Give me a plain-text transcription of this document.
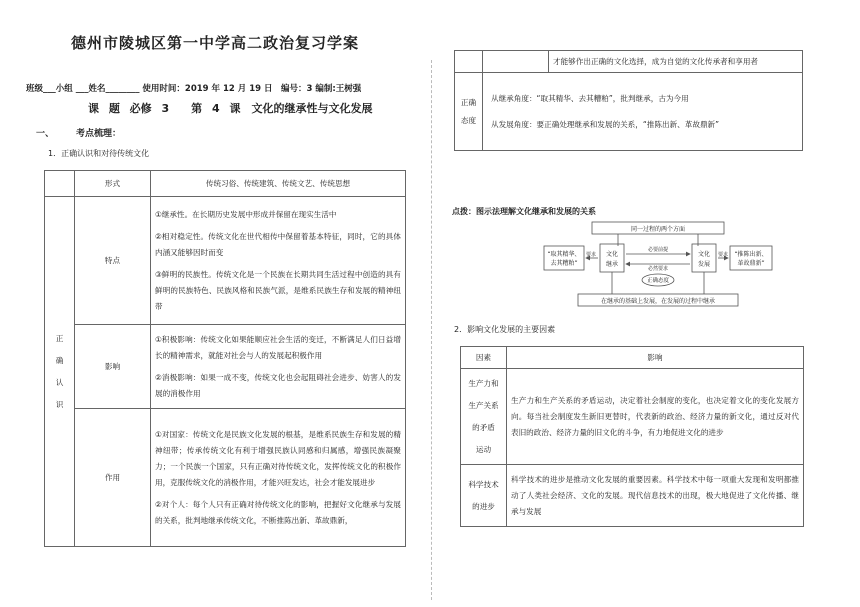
德州市陵城区第一中学高二政治复习学案
班级___小组 ___姓名________ 使用时间：2019 年 12 月 19 日　编号：3 编制:王树强
课 题 必修 3　　第 4 课　文化的继承性与文化发展
一、 考点梳理：
1．正确认识和对待传统文化
	形式	传统习俗、传统建筑、传统文艺、传统思想

正确认识	特点	①继承性。在长期历史发展中形成并保留在现实生活中
②相对稳定性。传统文化在世代相传中保留着基本特征，同时，它的具体内涵又能够因时而变
③鲜明的民族性。传统文化是一个民族在长期共同生活过程中创造的具有鲜明的民族特色、民族风格和民族气派，是维系民族生存和发展的精神纽带

	影响	①积极影响：传统文化如果能顺应社会生活的变迁，不断满足人们日益增长的精神需求，就能对社会与人的发展起积极作用
②消极影响：如果一成不变，传统文化也会起阻碍社会进步、妨害人的发展的消极作用

	作用	①对国家：传统文化是民族文化发展的根基，是维系民族生存和发展的精神纽带；传承传统文化有利于增强民族认同感和归属感，增强民族凝聚力；一个民族一个国家，只有正确对待传统文化，发挥传统文化的积极作用，克服传统文化的消极作用，才能兴旺发达，社会才能发展进步
②对个人：每个人只有正确对待传统文化的影响，把握好文化继承与发展的关系，批判地继承传统文化，不断推陈出新、革故鼎新，
		才能够作出正确的文化选择，成为自觉的文化传承者和享用者

正确态度	从继承角度：“取其精华、去其糟粕”，批判继承，古为今用
从发展角度：要正确处理继承和发展的关系，“推陈出新、革故鼎新”	
点拨：图示法理解文化继承和发展的关系
同一过程的两个方面
“取其精华、
去其糟粕”
要求 文化
继承
必要前提
必然要求
文化
发展
要求 “推陈出新、
革故鼎新”
正确态度
在继承的基础上发展，在发展的过程中继承
2．影响文化发展的主要因素
因素	影响

生产力和
生产关系
的矛盾
运动	生产力和生产关系的矛盾运动，决定着社会制度的变化，也决定着文化的变化发展方向。每当社会制度发生新旧更替时，代表新的政治、经济力量的新文化，通过反对代表旧的政治、经济力量的旧文化的斗争，有力地促进文化的进步

科学技术
的进步	科学技术的进步是推动文化发展的重要因素。科学技术中每一项重大发现和发明都推动了人类社会经济、文化的发展。现代信息技术的出现，极大地促进了文化传播、继承与发展
